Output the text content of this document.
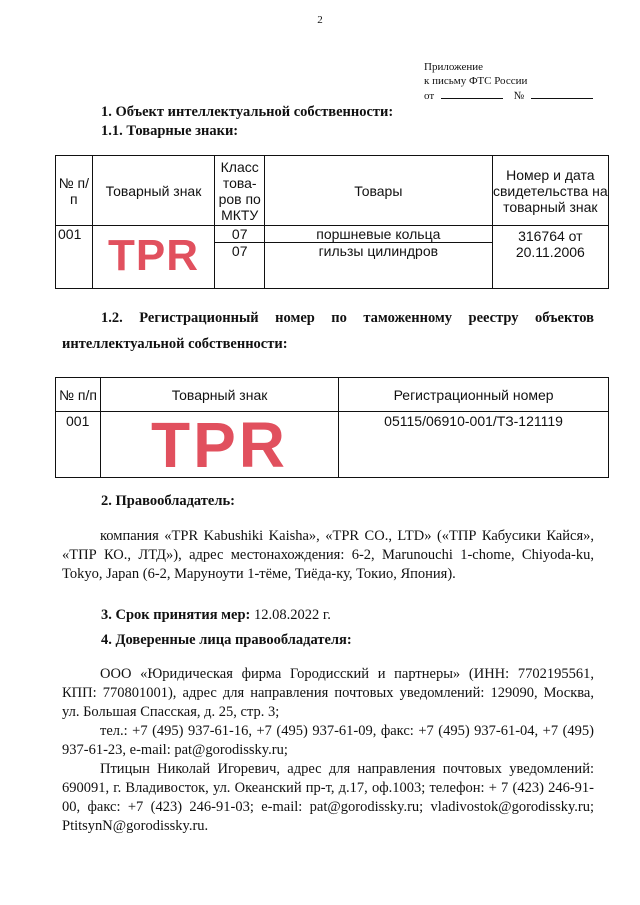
2
Приложение
к письму ФТС России
от	№
1. Объект интеллектуальной собственности:
1.1. Товарные знаки:
№ п/п	Товарный знак	Класс това-ров по МКТУ	Товары	Номер и дата свидетельства на товарный знак
001	TPR	07	поршневые кольца	316764 от 20.11.2006
		07	гильзы цилиндров	
1.2. Регистрационный номер по таможенному реестру объектов
интеллектуальной собственности:
№ п/п	Товарный знак	Регистрационный номер
001	TPR	05115/06910-001/ТЗ-121119
2. Правообладатель:
компания «TPR Kabushiki Kaisha», «TPR CO., LTD» («ТПР Кабусики Кайся», «ТПР КО., ЛТД»), адрес местонахождения: 6-2, Marunouchi 1-chome, Chiyoda-ku, Tokyo, Japan (6-2, Маруноути 1-тёме, Тиёда-ку, Токио, Япония).
3. Срок принятия мер: 12.08.2022 г.
4. Доверенные лица правообладателя:

ООО «Юридическая фирма Городисский и партнеры» (ИНН: 7702195561, КПП: 770801001), адрес для направления почтовых уведомлений: 129090, Москва, ул. Большая Спасская, д. 25, стр. 3;

тел.: +7 (495) 937-61-16, +7 (495) 937-61-09, факс: +7 (495) 937-61-04, +7 (495) 937-61-23, e-mail: pat@gorodissky.ru;

Птицын Николай Игоревич, адрес для направления почтовых уведомлений: 690091, г. Владивосток, ул. Океанский пр-т, д.17, оф.1003; телефон: + 7 (423) 246-91-00, факс: +7 (423) 246-91-03; e-mail: pat@gorodissky.ru; vladivostok@gorodissky.ru; PtitsynN@gorodissky.ru.
